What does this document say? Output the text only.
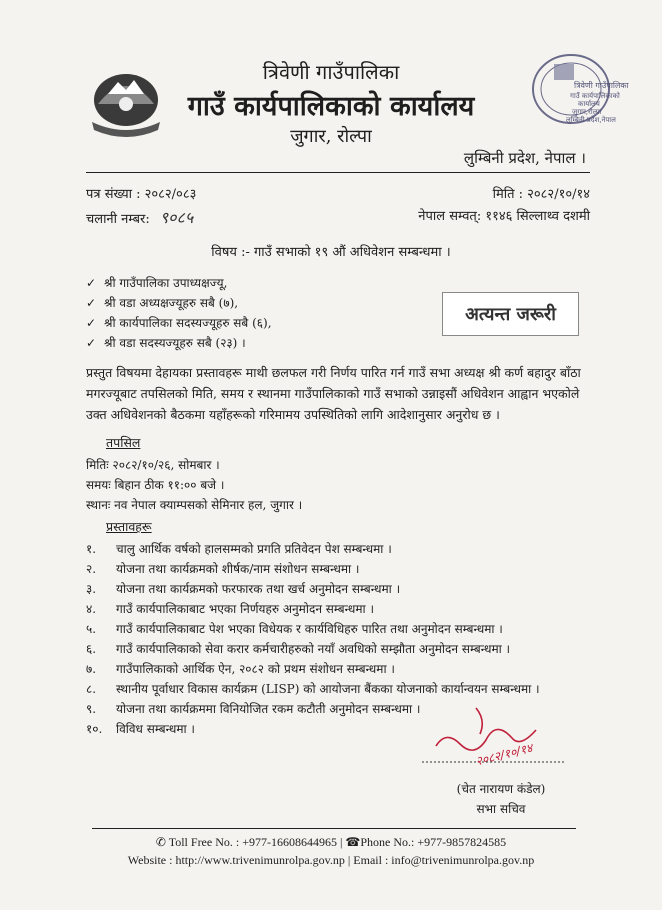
त्रिवेणी गाउँपालिका
गाउँ कार्यपालिकाको
कार्यालय
जुगार,रोल्पा
लुम्बिनी प्रदेश,नेपाल
त्रिवेणी गाउँपालिका
गाउँ कार्यपालिकाको कार्यालय
जुगार, रोल्पा
लुम्बिनी प्रदेश, नेपाल ।
पत्र संख्या : २०८२/०८३
चलानी नम्बर: ९०८५
मिति : २०८२/१०/१४
नेपाल सम्वत्: ११४६ सिल्लाथ्व दशमी
विषय :- गाउँ सभाको १९ औं अधिवेशन सम्बन्धमा ।
✓ श्री गाउँपालिका उपाध्यक्षज्यू,
✓ श्री वडा अध्यक्षज्यूहरु सबै (७),
✓ श्री कार्यपालिका सदस्यज्यूहरु सबै (६),
✓ श्री वडा सदस्यज्यूहरु सबै (२३) ।
अत्यन्त जरूरी
प्रस्तुत विषयमा देहायका प्रस्तावहरू माथी छलफल गरी निर्णय पारित गर्न गाउँ सभा अध्यक्ष श्री कर्ण बहादुर बाँठा मगरज्यूबाट तपसिलको मिति, समय र स्थानमा गाउँपालिकाको गाउँ सभाको उन्नाइसौं अधिवेशन आह्वान भएकोले उक्त अधिवेशनको बैठकमा यहाँहरूको गरिमामय उपस्थितिको लागि आदेशानुसार अनुरोध छ ।
तपसिल
मितिः २०८२/१०/२६, सोमबार ।
समयः बिहान ठीक ११:०० बजे ।
स्थानः नव नेपाल क्याम्पसको सेमिनार हल, जुगार ।
प्रस्तावहरू
१.	चालु आर्थिक वर्षको हालसम्मको प्रगति प्रतिवेदन पेश सम्बन्धमा ।
२.	योजना तथा कार्यक्रमको शीर्षक/नाम संशोधन सम्बन्धमा ।
३.	योजना तथा कार्यक्रमको फरफारक तथा खर्च अनुमोदन सम्बन्धमा ।
४.	गाउँ कार्यपालिकाबाट भएका निर्णयहरु अनुमोदन सम्बन्धमा ।
५.	गाउँ कार्यपालिकाबाट पेश भएका विधेयक र कार्यविधिहरु पारित तथा अनुमोदन सम्बन्धमा ।
६.	गाउँ कार्यपालिकाको सेवा करार कर्मचारीहरुको नयाँ अवधिको सम्झौता अनुमोदन सम्बन्धमा ।
७.	गाउँपालिकाको आर्थिक ऐन, २०८२ को प्रथम संशोधन सम्बन्धमा ।
८.	स्थानीय पूर्वाधार विकास कार्यक्रम (LISP) को आयोजना बैंकका योजनाको कार्यान्वयन सम्बन्धमा ।
९.	योजना तथा कार्यक्रममा विनियोजित रकम कटौती अनुमोदन सम्बन्धमा ।
१०.	विविध सम्बन्धमा ।
२०८२/१०/१४
(चेत नारायण कंडेल)
सभा सचिव
✆ Toll Free No. : +977-16608644965 | ☎Phone No.: +977-9857824585
Website : http://www.trivenimunrolpa.gov.np | Email : info@trivenimunrolpa.gov.np
